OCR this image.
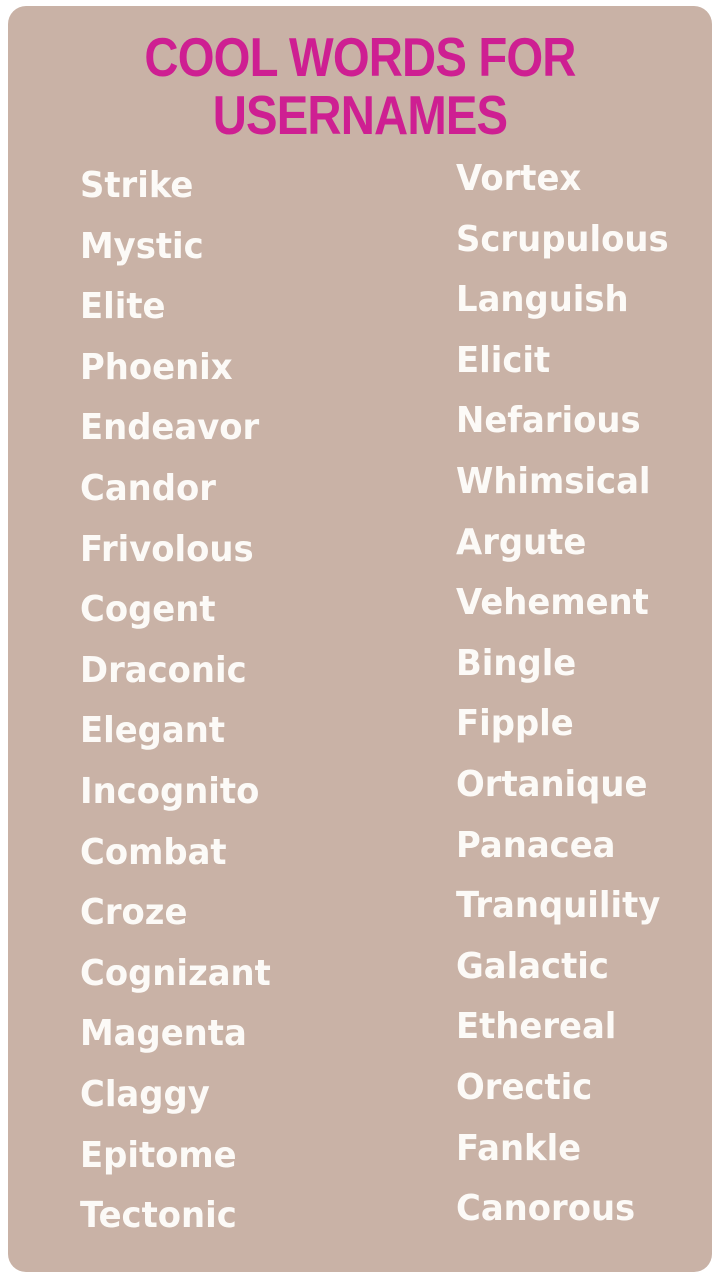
COOL WORDS FOR
USERNAMES
Strike
Mystic
Elite
Phoenix
Endeavor
Candor
Frivolous
Cogent
Draconic
Elegant
Incognito
Combat
Croze
Cognizant
Magenta
Claggy
Epitome
Tectonic
Vortex
Scrupulous
Languish
Elicit
Nefarious
Whimsical
Argute
Vehement
Bingle
Fipple
Ortanique
Panacea
Tranquility
Galactic
Ethereal
Orectic
Fankle
Canorous
